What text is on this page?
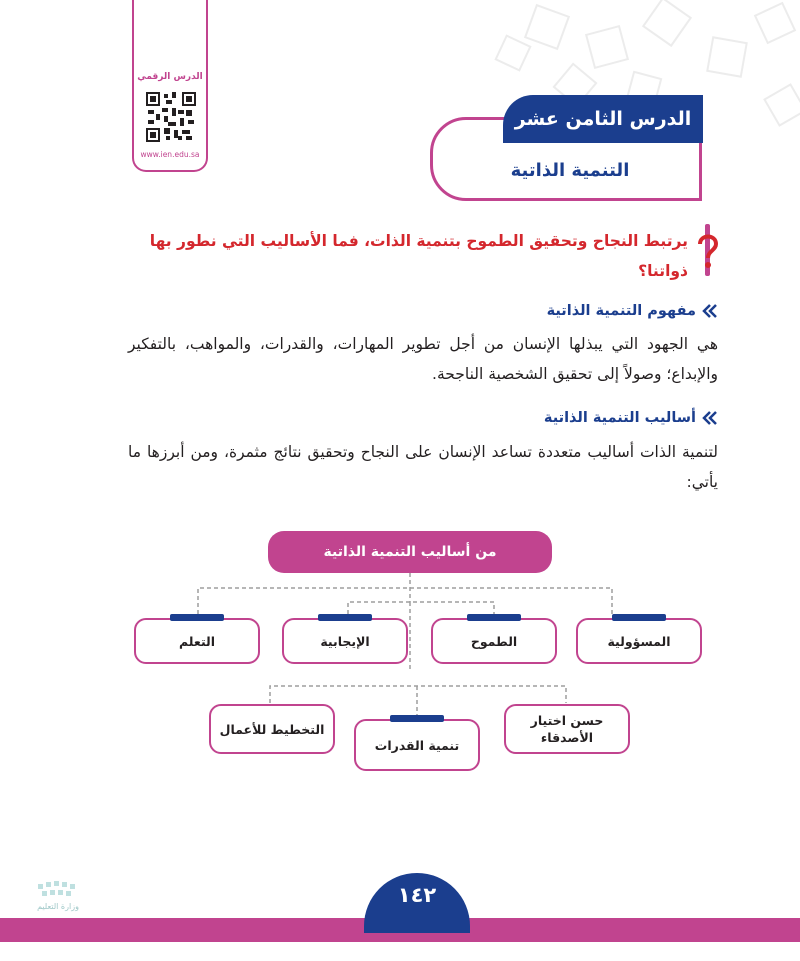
الدرس الرقمي
www.ien.edu.sa
الدرس الثامن عشر
التنمية الذاتية
يرتبط النجاح وتحقيق الطموح بتنمية الذات، فما الأساليب التي نطور بها ذواتنا؟
مفهوم التنمية الذاتية
هي الجهود التي يبذلها الإنسان من أجل تطوير المهارات، والقدرات، والمواهب، بالتفكير والإبداع؛ وصولاً إلى تحقيق الشخصية الناجحة.
أساليب التنمية الذاتية
لتنمية الذات أساليب متعددة تساعد الإنسان على النجاح وتحقيق نتائج مثمرة، ومن أبرزها ما يأتي:
من أساليب التنمية الذاتية
المسؤولية
الطموح
الإيجابية
التعلم
حسن اختيار الأصدقاء
تنمية القدرات
التخطيط للأعمال
١٤٢
وزارة التعليم
